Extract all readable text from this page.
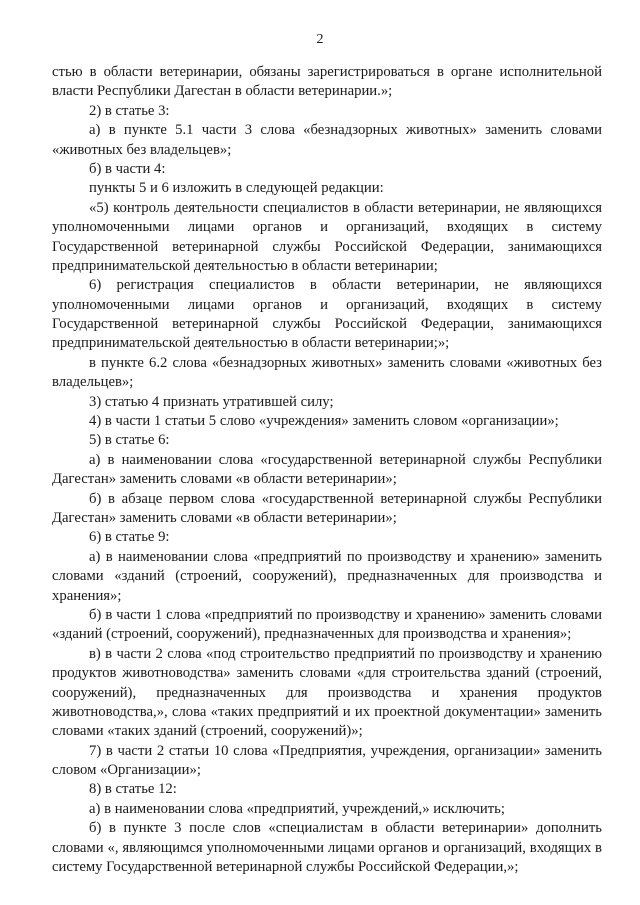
2

стью в области ветеринарии, обязаны зарегистрироваться в органе исполнительной власти Республики Дагестан в области ветеринарии.»;

2) в статье 3:

а) в пункте 5.1 части 3 слова «безнадзорных животных» заменить словами «животных без владельцев»;

б) в части 4:

пункты 5 и 6 изложить в следующей редакции:

«5) контроль деятельности специалистов в области ветеринарии, не являющихся уполномоченными лицами органов и организаций, входящих в систему Государственной ветеринарной службы Российской Федерации, занимающихся предпринимательской деятельностью в области ветеринарии;

6) регистрация специалистов в области ветеринарии, не являющихся уполномоченными лицами органов и организаций, входящих в систему Государственной ветеринарной службы Российской Федерации, занимающихся предпринимательской деятельностью в области ветеринарии;»;

в пункте 6.2 слова «безнадзорных животных» заменить словами «животных без владельцев»;

3) статью 4 признать утратившей силу;

4) в части 1 статьи 5 слово «учреждения» заменить словом «организации»;

5) в статье 6:

а) в наименовании слова «государственной ветеринарной службы Республики Дагестан» заменить словами «в области ветеринарии»;

б) в абзаце первом слова «государственной ветеринарной службы Республики Дагестан» заменить словами «в области ветеринарии»;

6) в статье 9:

а) в наименовании слова «предприятий по производству и хранению» заменить словами «зданий (строений, сооружений), предназначенных для производства и хранения»;

б) в части 1 слова «предприятий по производству и хранению» заменить словами «зданий (строений, сооружений), предназначенных для производства и хранения»;

в) в части 2 слова «под строительство предприятий по производству и хранению продуктов животноводства» заменить словами «для строительства зданий (строений, сооружений), предназначенных для производства и хранения продуктов животноводства,», слова «таких предприятий и их проектной документации» заменить словами «таких зданий (строений, сооружений)»;

7) в части 2 статьи 10 слова «Предприятия, учреждения, организации» заменить словом «Организации»;

8) в статье 12:

а) в наименовании слова «предприятий, учреждений,» исключить;

б) в пункте 3 после слов «специалистам в области ветеринарии» дополнить словами «, являющимся уполномоченными лицами органов и организаций, входящих в систему Государственной ветеринарной службы Российской Федерации,»;
